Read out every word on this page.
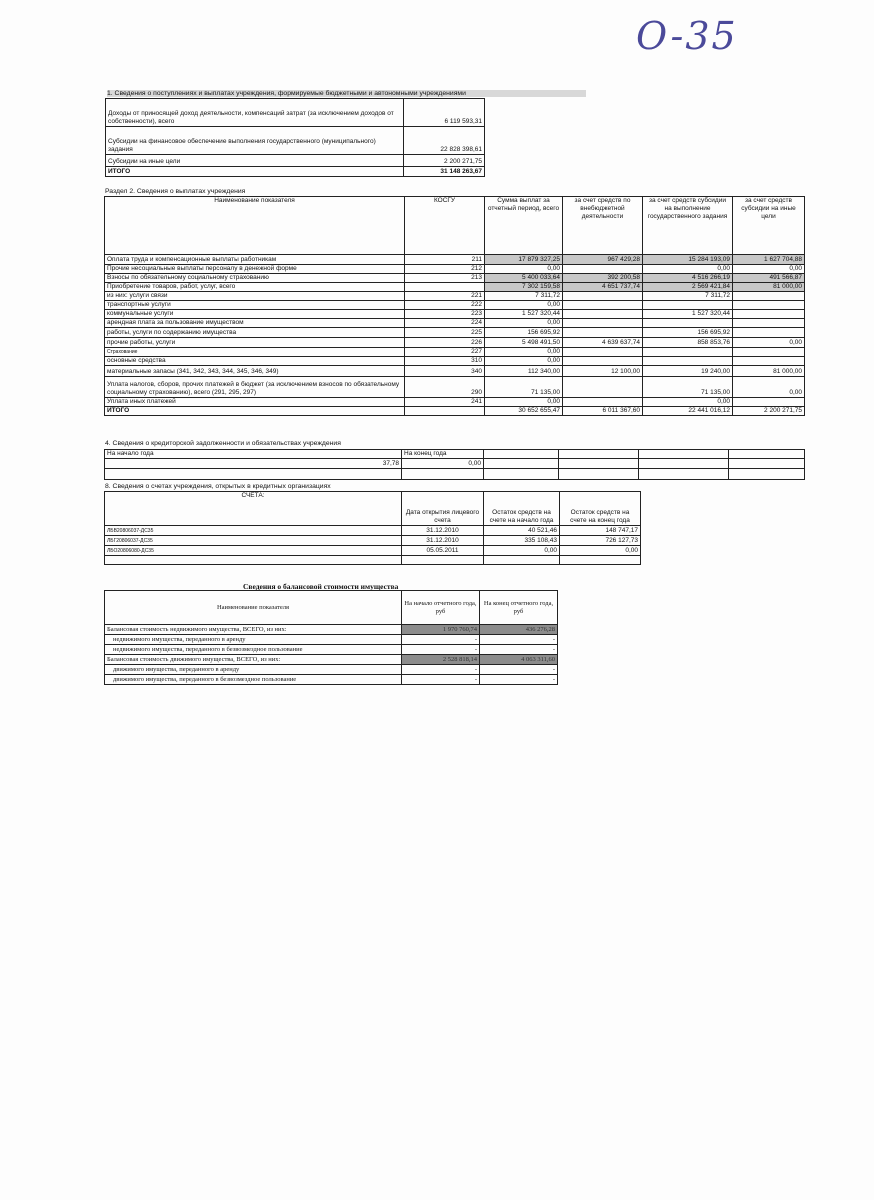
O-35
1. Сведения о поступлениях и выплатах учреждения, формируемые бюджетными и автономными учреждениями
Доходы от приносящей доход деятельности, компенсаций затрат (за исключением доходов от собственности), всего	6 119 593,31
Субсидии на финансовое обеспечение выполнения государственного (муниципального) задания	22 828 398,61
Субсидии на иные цели	2 200 271,75
ИТОГО	31 148 263,67
Раздел 2. Сведения о выплатах учреждения
Наименование показателя	КОСГУ	Сумма выплат за отчетный период, всего	за счет средств по внебюджетной деятельности	за счет средств субсидии на выполнение государственного задания	за счет средств субсидии на иные цели
Оплата труда и компенсационные выплаты работникам	211	17 879 327,25	967 429,28	15 284 193,09	1 627 704,88
Прочие несоциальные выплаты персоналу в денежной форме	212	0,00		0,00	0,00
Взносы по обязательному социальному страхованию	213	5 400 033,64	392 200,58	4 516 266,19	491 566,87
Приобретение товаров, работ, услуг, всего		7 302 159,58	4 651 737,74	2 569 421,84	81 000,00
из них: услуги связи	221	7 311,72		7 311,72	
транспортные услуги	222	0,00			
коммунальные услуги	223	1 527 320,44		1 527 320,44	
арендная плата за пользование имуществом	224	0,00			
работы, услуги по содержанию имущества	225	156 695,92		156 695,92	
прочие работы, услуги	226	5 498 491,50	4 639 637,74	858 853,76	0,00
Страхование	227	0,00			
основные средства	310	0,00			
материальные запасы (341, 342, 343, 344, 345, 346, 349)	340	112 340,00	12 100,00	19 240,00	81 000,00
Уплата налогов, сборов, прочих платежей в бюджет (за исключением взносов по обязательному социальному страхованию), всего (291, 295, 297)	290	71 135,00		71 135,00	0,00
Уплата иных платежей	241	0,00		0,00	
ИТОГО		30 652 655,47	6 011 367,60	22 441 016,12	2 200 271,75
4. Сведения о кредиторской задолженности и обязательствах учреждения
На начало года	На конец года				
37,78	0,00				

8. Сведения о счетах учреждения, открытых в кредитных организациях
СЧЕТА:	Дата открытия лицевого счета	Остаток средств на счете на начало года	Остаток средств на счете на конец года
ЛБВ20806037-ДС35	31.12.2010	40 521,46	148 747,17
ЛБГ20806037-ДС35	31.12.2010	335 108,43	726 127,73
ЛБО20806080-ДС35	05.05.2011	0,00	0,00

Сведения о балансовой стоимости имущества
Наименование показателя	На начало отчетного года, руб	На конец отчетного года, руб
Балансовая стоимость недвижимого имущества, ВСЕГО, из них:	1 970 760,74	436 276,28
недвижимого имущества, переданного в аренду	-	-
недвижимого имущества, переданного в безвозмездное пользование	-	-
Балансовая стоимость движимого имущества, ВСЕГО, из них:	2 528 818,14	4 063 311,60
движимого имущества, переданного в аренду	-	-
движимого имущества, переданного в безвозмездное пользование	-	-
